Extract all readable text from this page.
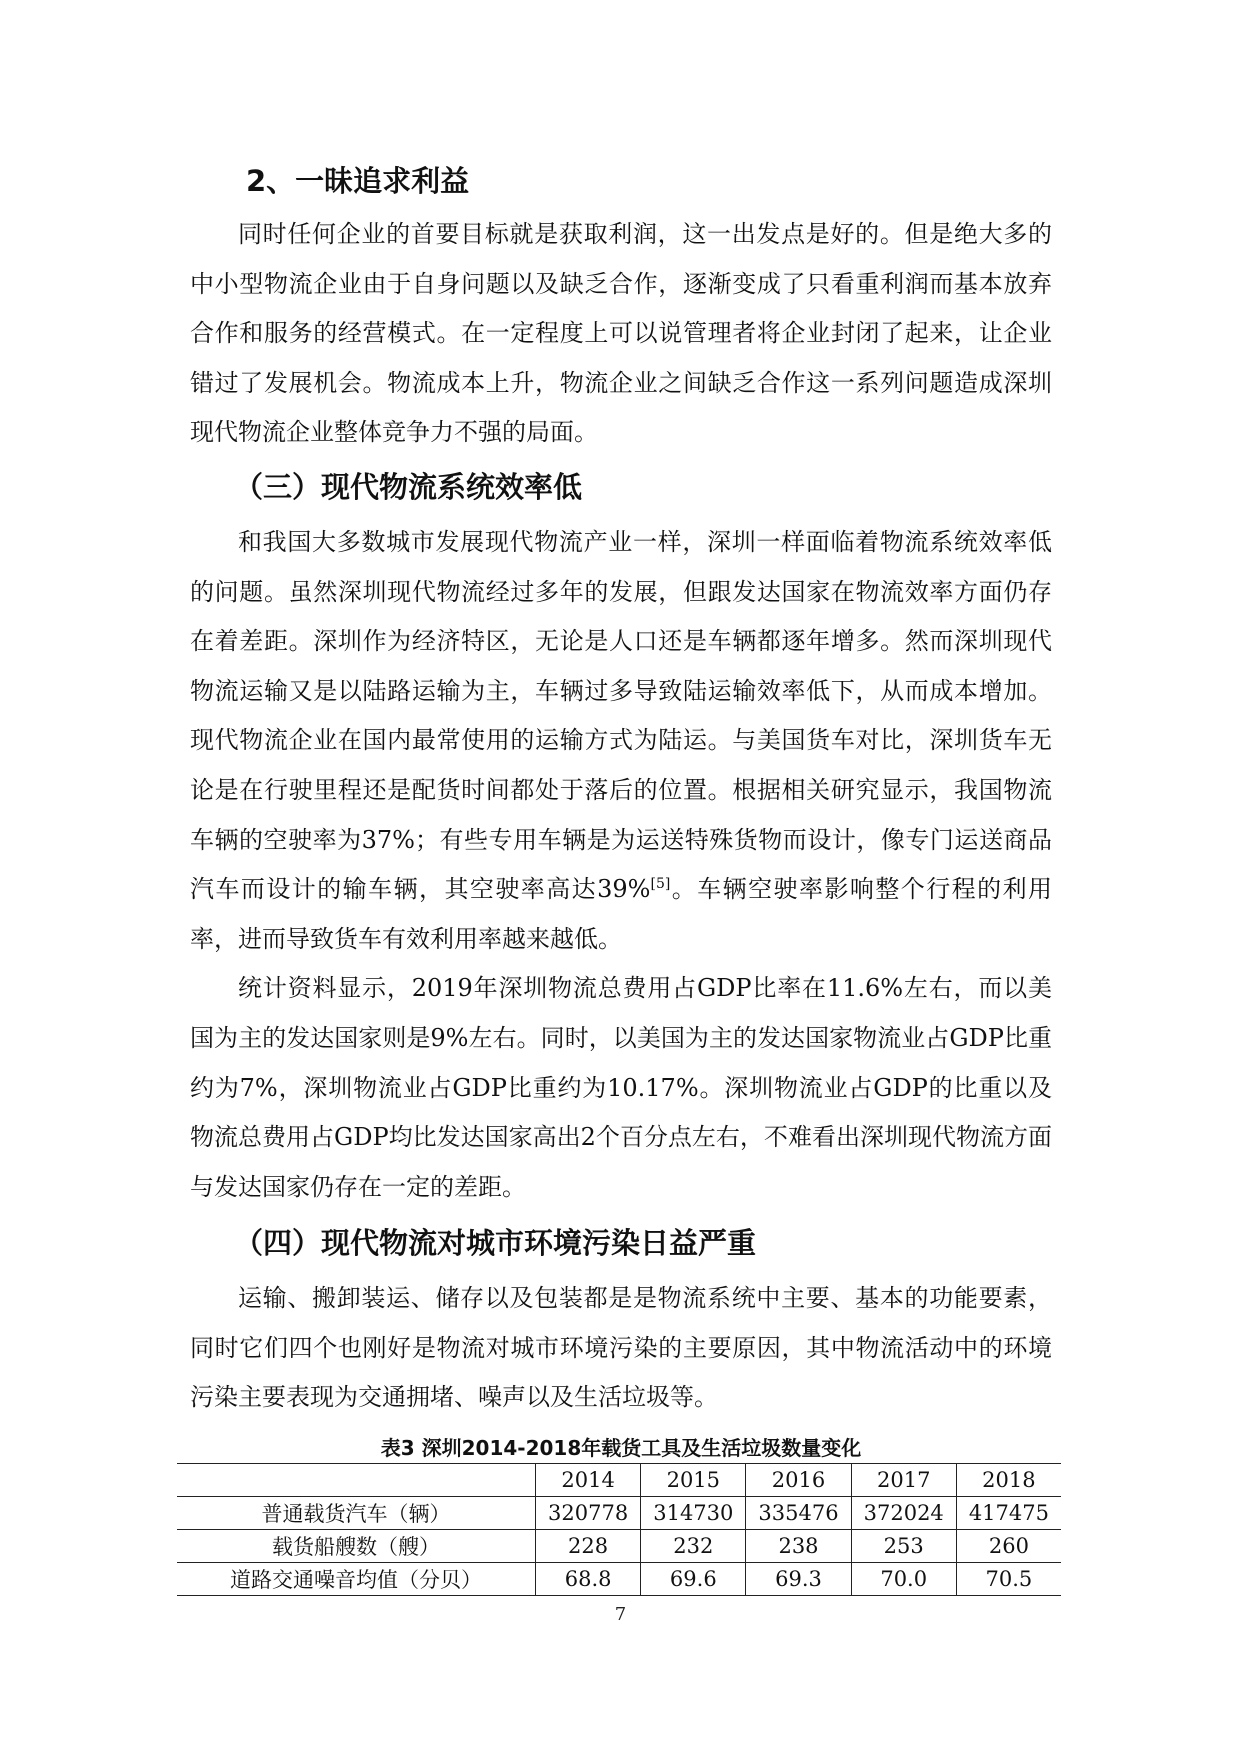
2、一昧追求利益

同时任何企业的首要目标就是获取利润，这一出发点是好的。但是绝大多的中小型物流企业由于自身问题以及缺乏合作，逐渐变成了只看重利润而基本放弃合作和服务的经营模式。在一定程度上可以说管理者将企业封闭了起来，让企业错过了发展机会。物流成本上升，物流企业之间缺乏合作这一系列问题造成深圳现代物流企业整体竞争力不强的局面。

（三）现代物流系统效率低

和我国大多数城市发展现代物流产业一样，深圳一样面临着物流系统效率低的问题。虽然深圳现代物流经过多年的发展，但跟发达国家在物流效率方面仍存在着差距。深圳作为经济特区，无论是人口还是车辆都逐年增多。然而深圳现代物流运输又是以陆路运输为主，车辆过多导致陆运输效率低下，从而成本增加。现代物流企业在国内最常使用的运输方式为陆运。与美国货车对比，深圳货车无论是在行驶里程还是配货时间都处于落后的位置。根据相关研究显示，我国物流车辆的空驶率为37%；有些专用车辆是为运送特殊货物而设计，像专门运送商品汽车而设计的输车辆，其空驶率高达39%[5]。车辆空驶率影响整个行程的利用率，进而导致货车有效利用率越来越低。

统计资料显示，2019年深圳物流总费用占GDP比率在11.6%左右，而以美国为主的发达国家则是9%左右。同时，以美国为主的发达国家物流业占GDP比重约为7%，深圳物流业占GDP比重约为10.17%。深圳物流业占GDP的比重以及物流总费用占GDP均比发达国家高出2个百分点左右，不难看出深圳现代物流方面与发达国家仍存在一定的差距。

（四）现代物流对城市环境污染日益严重

运输、搬卸装运、储存以及包装都是是物流系统中主要、基本的功能要素，同时它们四个也刚好是物流对城市环境污染的主要原因，其中物流活动中的环境污染主要表现为交通拥堵、噪声以及生活垃圾等。

表3 深圳2014-2018年载货工具及生活垃圾数量变化
	2014	2015	2016	2017	2018
普通载货汽车（辆）	320778	314730	335476	372024	417475
载货船艘数（艘）	228	232	238	253	260
道路交通噪音均值（分贝）	68.8	69.6	69.3	70.0	70.5
7
